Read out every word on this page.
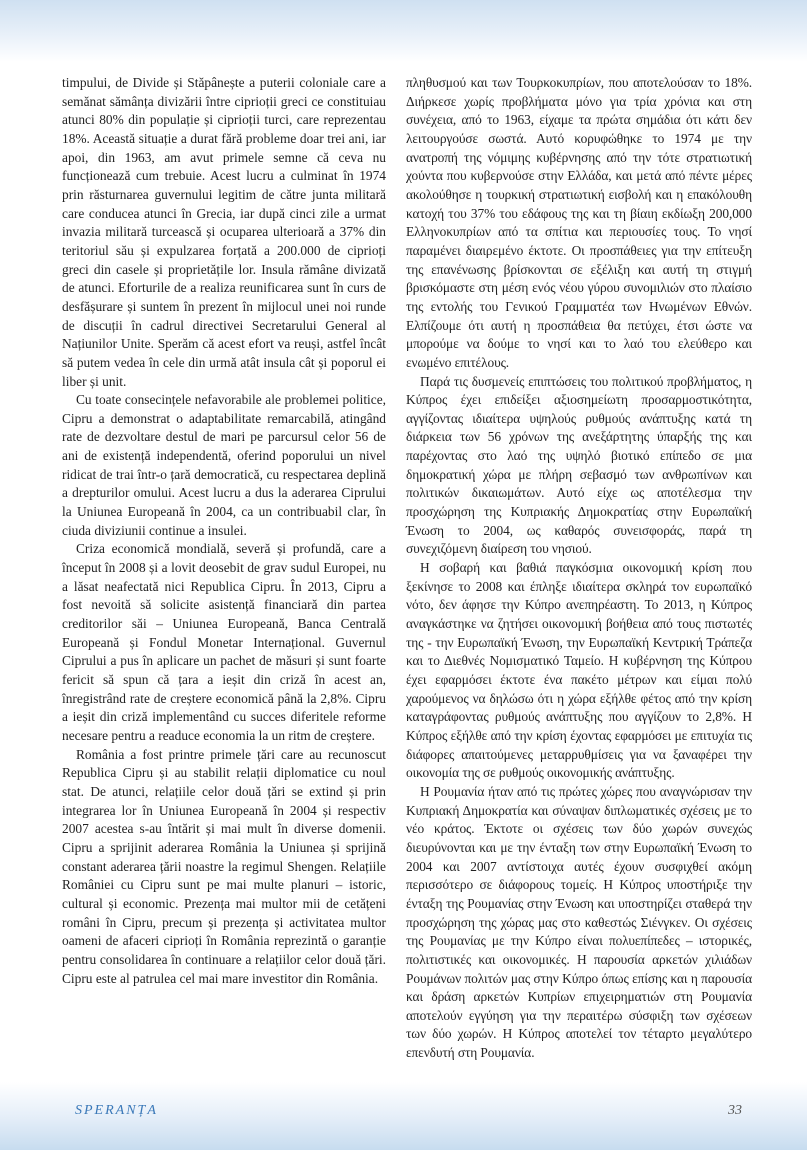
timpului, de Divide și Stăpânește a puterii coloniale care a semănat sămânța divizării între ciprioții greci ce constituiau atunci 80% din populație și ciprioții turci, care reprezentau 18%. Această situație a durat fără probleme doar trei ani, iar apoi, din 1963, am avut primele semne că ceva nu funcționează cum trebuie. Acest lucru a culminat în 1974 prin răsturnarea guvernului legitim de către junta militară care conducea atunci în Grecia, iar după cinci zile a urmat invazia militară turcească și ocuparea ulterioară a 37% din teritoriul său și expulzarea forțată a 200.000 de ciprioți greci din casele și proprietățile lor. Insula rămâne divizată de atunci. Eforturile de a realiza reunificarea sunt în curs de desfășurare și suntem în prezent în mijlocul unei noi runde de discuții în cadrul directivei Secretarului General al Națiunilor Unite. Sperăm că acest efort va reuși, astfel încât să putem vedea în cele din urmă atât insula cât și poporul ei liber și unit.

Cu toate consecințele nefavorabile ale problemei politice, Cipru a demonstrat o adaptabilitate remarcabilă, atingând rate de dezvoltare destul de mari pe parcursul celor 56 de ani de existență independentă, oferind poporului un nivel ridicat de trai într-o țară democratică, cu respectarea deplină a drepturilor omului. Acest lucru a dus la aderarea Ciprului la Uniunea Europeană în 2004, ca un contribuabil clar, în ciuda diviziunii continue a insulei.

Criza economică mondială, severă și profundă, care a început în 2008 și a lovit deosebit de grav sudul Europei, nu a lăsat neafectată nici Republica Cipru. În 2013, Cipru a fost nevoită să solicite asistență financiară din partea creditorilor săi – Uniunea Europeană, Banca Centrală Europeană și Fondul Monetar Internațional. Guvernul Ciprului a pus în aplicare un pachet de măsuri și sunt foarte fericit să spun că țara a ieșit din criză în acest an, înregistrând rate de creștere economică până la 2,8%. Cipru a ieșit din criză implementând cu succes diferitele reforme necesare pentru a readuce economia la un ritm de creștere.

România a fost printre primele țări care au recunoscut Republica Cipru și au stabilit relații diplomatice cu noul stat. De atunci, relațiile celor două țări se extind și prin integrarea lor în Uniunea Europeană în 2004 și respectiv 2007 acestea s-au întărit și mai mult în diverse domenii. Cipru a sprijinit aderarea România la Uniunea și sprijină constant aderarea țării noastre la regimul Shengen. Relațiile României cu Cipru sunt pe mai multe planuri – istoric, cultural și economic. Prezența mai multor mii de cetățeni români în Cipru, precum și prezența și activitatea multor oameni de afaceri ciprioți în România reprezintă o garanție pentru consolidarea în continuare a relațiilor celor două țări. Cipru este al patrulea cel mai mare investitor din România.

πληθυσμού και των Τουρκοκυπρίων, που αποτελούσαν το 18%. Διήρκεσε χωρίς προβλήματα μόνο για τρία χρόνια και στη συνέχεια, από το 1963, είχαμε τα πρώτα σημάδια ότι κάτι δεν λειτουργούσε σωστά. Αυτό κορυφώθηκε το 1974 με την ανατροπή της νόμιμης κυβέρνησης από την τότε στρατιωτική χούντα που κυβερνούσε στην Ελλάδα, και μετά από πέντε μέρες ακολούθησε η τουρκική στρατιωτική εισβολή και η επακόλουθη κατοχή του 37% του εδάφους της και τη βίαιη εκδίωξη 200,000 Ελληνοκυπρίων από τα σπίτια και περιουσίες τους. Το νησί παραμένει διαιρεμένο έκτοτε. Οι προσπάθειες για την επίτευξη της επανένωσης βρίσκονται σε εξέλιξη και αυτή τη στιγμή βρισκόμαστε στη μέση ενός νέου γύρου συνομιλιών στο πλαίσιο της εντολής του Γενικού Γραμματέα των Ηνωμένων Εθνών. Ελπίζουμε ότι αυτή η προσπάθεια θα πετύχει, έτσι ώστε να μπορούμε να δούμε το νησί και το λαό του ελεύθερο και ενωμένο επιτέλους.

Παρά τις δυσμενείς επιπτώσεις του πολιτικού προβλήματος, η Κύπρος έχει επιδείξει αξιοσημείωτη προσαρμοστικότητα, αγγίζοντας ιδιαίτερα υψηλούς ρυθμούς ανάπτυξης κατά τη διάρκεια των 56 χρόνων της ανεξάρτητης ύπαρξής της και παρέχοντας στο λαό της υψηλό βιοτικό επίπεδο σε μια δημοκρατική χώρα με πλήρη σεβασμό των ανθρωπίνων και πολιτικών δικαιωμάτων. Αυτό είχε ως αποτέλεσμα την προσχώρηση της Κυπριακής Δημοκρατίας στην Ευρωπαϊκή Ένωση το 2004, ως καθαρός συνεισφοράς, παρά τη συνεχιζόμενη διαίρεση του νησιού.

Η σοβαρή και βαθιά παγκόσμια οικονομική κρίση που ξεκίνησε το 2008 και έπληξε ιδιαίτερα σκληρά τον ευρωπαϊκό νότο, δεν άφησε την Κύπρο ανεπηρέαστη. Το 2013, η Κύπρος αναγκάστηκε να ζητήσει οικονομική βοήθεια από τους πιστωτές της - την Ευρωπαϊκή Ένωση, την Ευρωπαϊκή Κεντρική Τράπεζα και το Διεθνές Νομισματικό Ταμείο. Η κυβέρνηση της Κύπρου έχει εφαρμόσει έκτοτε ένα πακέτο μέτρων και είμαι πολύ χαρούμενος να δηλώσω ότι η χώρα εξήλθε φέτος από την κρίση καταγράφοντας ρυθμούς ανάπτυξης που αγγίζουν το 2,8%. Η Κύπρος εξήλθε από την κρίση έχοντας εφαρμόσει με επιτυχία τις διάφορες απαιτούμενες μεταρρυθμίσεις για να ξαναφέρει την οικονομία της σε ρυθμούς οικονομικής ανάπτυξης.

Η Ρουμανία ήταν από τις πρώτες χώρες που αναγνώρισαν την Κυπριακή Δημοκρατία και σύναψαν διπλωματικές σχέσεις με το νέο κράτος. Έκτοτε οι σχέσεις των δύο χωρών συνεχώς διευρύνονται και με την ένταξη των στην Ευρωπαϊκή Ένωση το 2004 και 2007 αντίστοιχα αυτές έχουν συσφιχθεί ακόμη περισσότερο σε διάφορους τομείς. Η Κύπρος υποστήριξε την ένταξη της Ρουμανίας στην Ένωση και υποστηρίζει σταθερά την προσχώρηση της χώρας μας στο καθεστώς Σιένγκεν. Οι σχέσεις της Ρουμανίας με την Κύπρο είναι πολυεπίπεδες – ιστορικές, πολιτιστικές και οικονομικές. Η παρουσία αρκετών χιλιάδων Ρουμάνων πολιτών μας στην Κύπρο όπως επίσης και η παρουσία και δράση αρκετών Κυπρίων επιχειρηματιών στη Ρουμανία αποτελούν εγγύηση για την περαιτέρω σύσφιξη των σχέσεων των δύο χωρών. Η Κύπρος αποτελεί τον τέταρτο μεγαλύτερο επενδυτή στη Ρουμανία.

SPERANȚA	33
